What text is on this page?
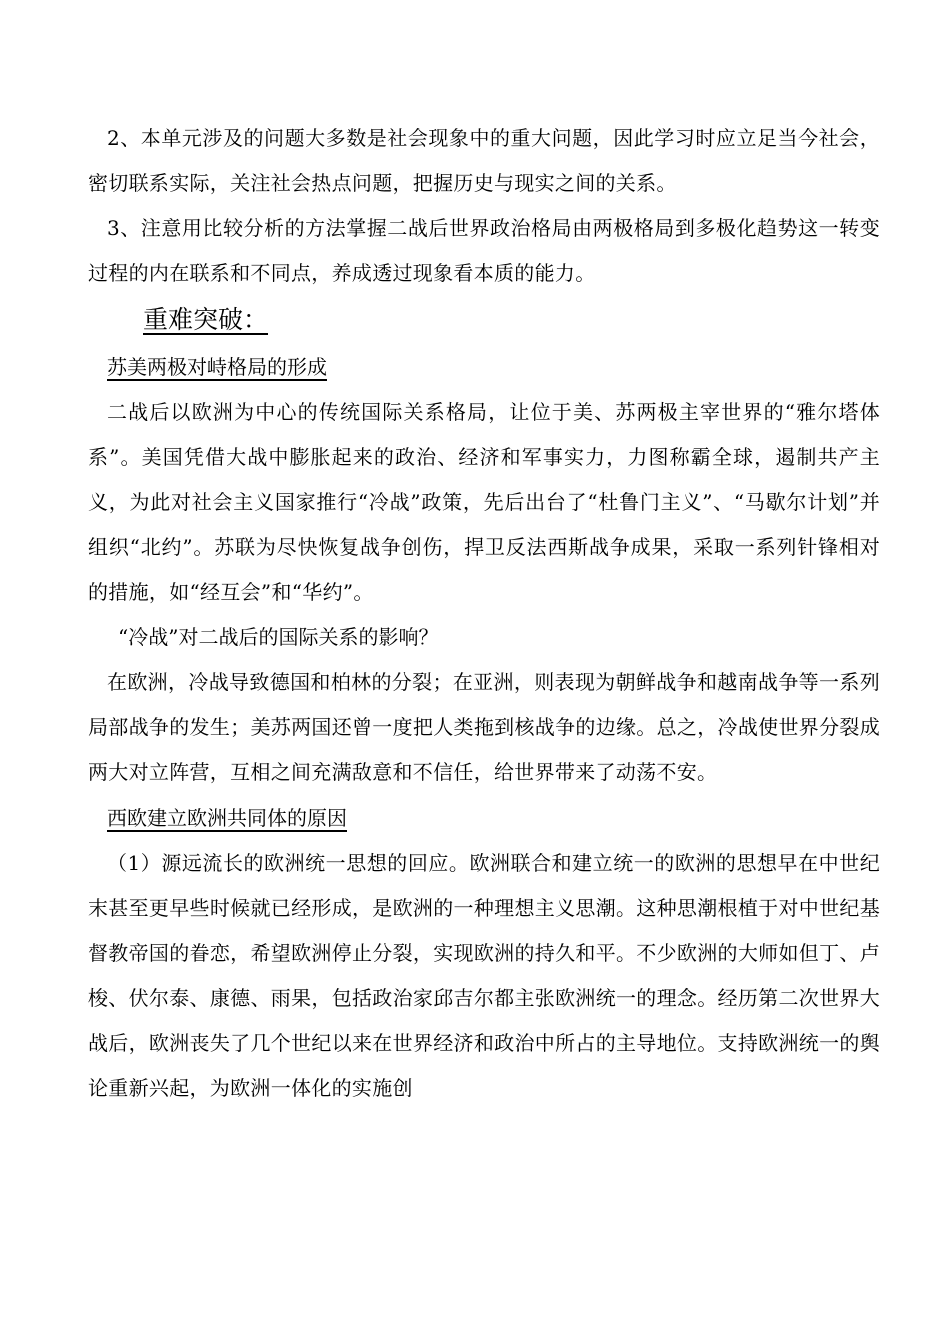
2、本单元涉及的问题大多数是社会现象中的重大问题，因此学习时应立足当今社会，密切联系实际，关注社会热点问题，把握历史与现实之间的关系。

3、注意用比较分析的方法掌握二战后世界政治格局由两极格局到多极化趋势这一转变过程的内在联系和不同点，养成透过现象看本质的能力。

重难突破：

苏美两极对峙格局的形成

二战后以欧洲为中心的传统国际关系格局，让位于美、苏两极主宰世界的“雅尔塔体系”。美国凭借大战中膨胀起来的政治、经济和军事实力，力图称霸全球，遏制共产主义，为此对社会主义国家推行“冷战”政策，先后出台了“杜鲁门主义”、“马歇尔计划”并组织“北约”。苏联为尽快恢复战争创伤，捍卫反法西斯战争成果，采取一系列针锋相对的措施，如“经互会”和“华约”。

“冷战”对二战后的国际关系的影响？

在欧洲，冷战导致德国和柏林的分裂；在亚洲，则表现为朝鲜战争和越南战争等一系列局部战争的发生；美苏两国还曾一度把人类拖到核战争的边缘。总之，冷战使世界分裂成两大对立阵营，互相之间充满敌意和不信任，给世界带来了动荡不安。

西欧建立欧洲共同体的原因

（1）源远流长的欧洲统一思想的回应。欧洲联合和建立统一的欧洲的思想早在中世纪末甚至更早些时候就已经形成，是欧洲的一种理想主义思潮。这种思潮根植于对中世纪基督教帝国的眷恋，希望欧洲停止分裂，实现欧洲的持久和平。不少欧洲的大师如但丁、卢梭、伏尔泰、康德、雨果，包括政治家邱吉尔都主张欧洲统一的理念。经历第二次世界大战后，欧洲丧失了几个世纪以来在世界经济和政治中所占的主导地位。支持欧洲统一的舆论重新兴起，为欧洲一体化的实施创
